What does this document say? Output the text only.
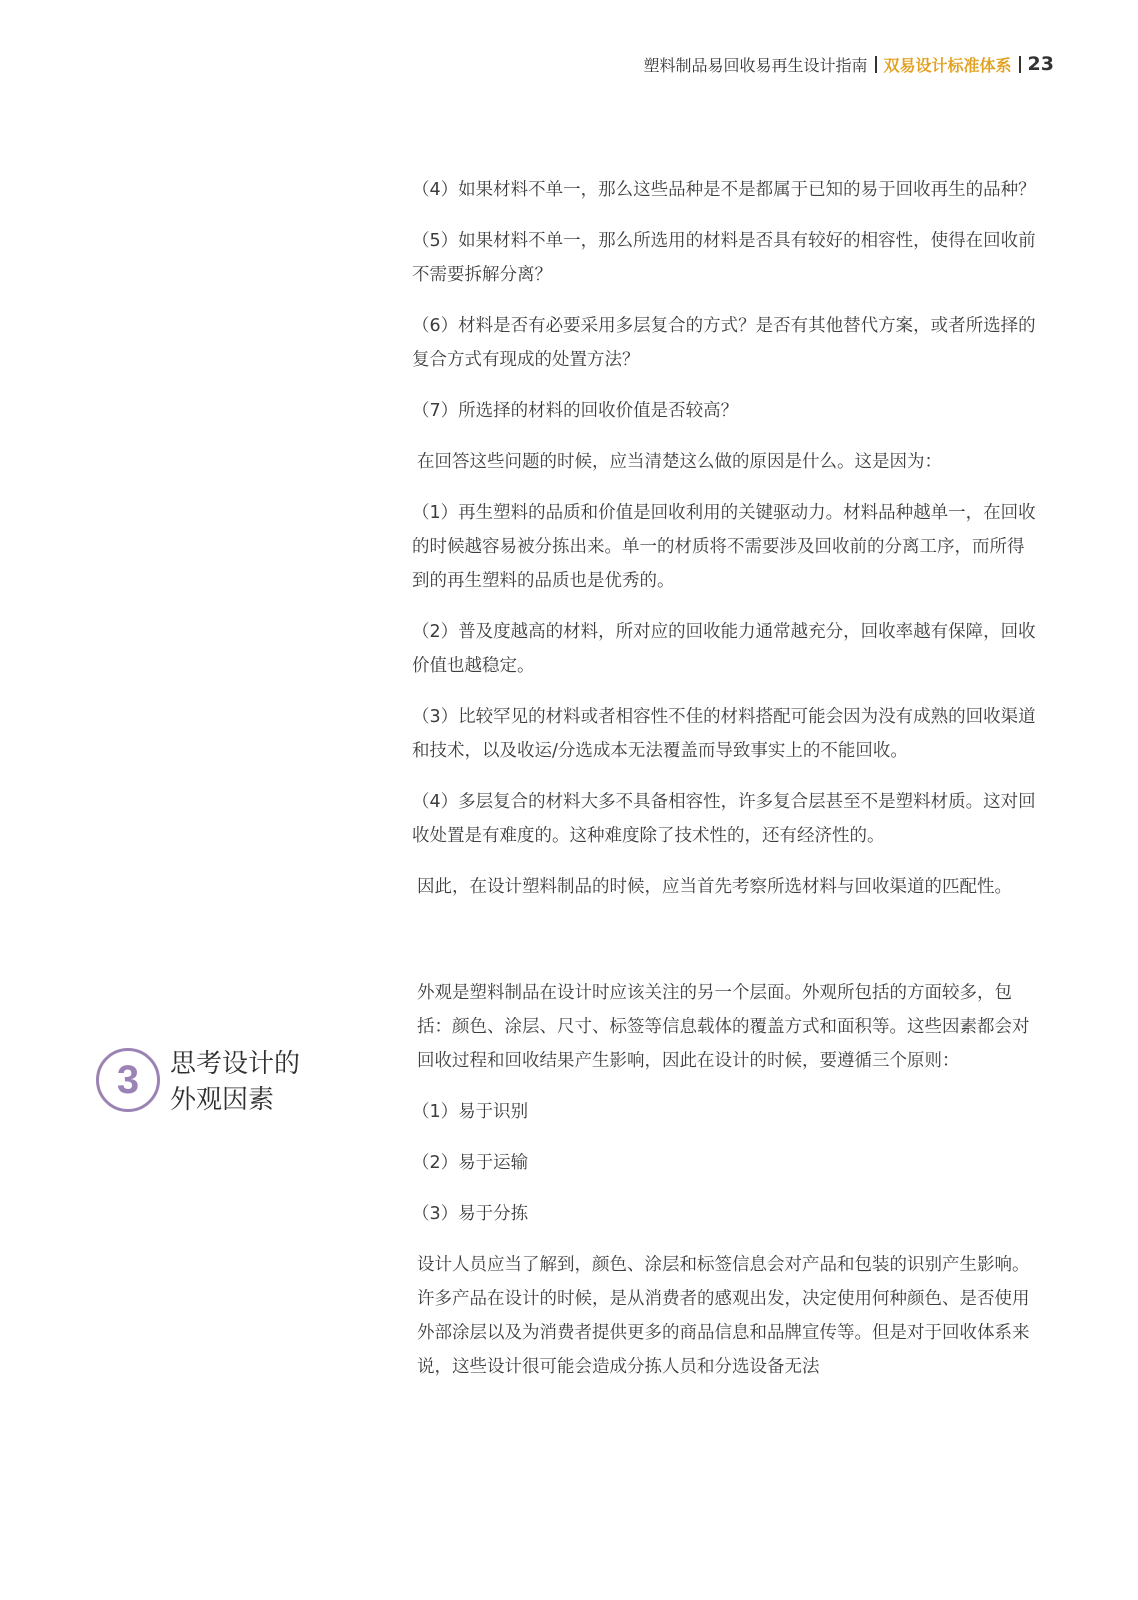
塑料制品易回收易再生设计指南 双易设计标准体系 23

（4）如果材料不单一，那么这些品种是不是都属于已知的易于回收再生的品种？

（5）如果材料不单一，那么所选用的材料是否具有较好的相容性，使得在回收前不需要拆解分离？

（6）材料是否有必要采用多层复合的方式？是否有其他替代方案，或者所选择的复合方式有现成的处置方法？

（7）所选择的材料的回收价值是否较高？

在回答这些问题的时候，应当清楚这么做的原因是什么。这是因为：

（1）再生塑料的品质和价值是回收利用的关键驱动力。材料品种越单一，在回收的时候越容易被分拣出来。单一的材质将不需要涉及回收前的分离工序，而所得到的再生塑料的品质也是优秀的。

（2）普及度越高的材料，所对应的回收能力通常越充分，回收率越有保障，回收价值也越稳定。

（3）比较罕见的材料或者相容性不佳的材料搭配可能会因为没有成熟的回收渠道和技术，以及收运/分选成本无法覆盖而导致事实上的不能回收。

（4）多层复合的材料大多不具备相容性，许多复合层甚至不是塑料材质。这对回收处置是有难度的。这种难度除了技术性的，还有经济性的。

因此，在设计塑料制品的时候，应当首先考察所选材料与回收渠道的匹配性。

外观是塑料制品在设计时应该关注的另一个层面。外观所包括的方面较多，包括：颜色、涂层、尺寸、标签等信息载体的覆盖方式和面积等。这些因素都会对回收过程和回收结果产生影响，因此在设计的时候，要遵循三个原则：

（1）易于识别

（2）易于运输

（3）易于分拣

设计人员应当了解到，颜色、涂层和标签信息会对产品和包装的识别产生影响。许多产品在设计的时候，是从消费者的感观出发，决定使用何种颜色、是否使用外部涂层以及为消费者提供更多的商品信息和品牌宣传等。但是对于回收体系来说，这些设计很可能会造成分拣人员和分选设备无法

3 思考设计的
外观因素
